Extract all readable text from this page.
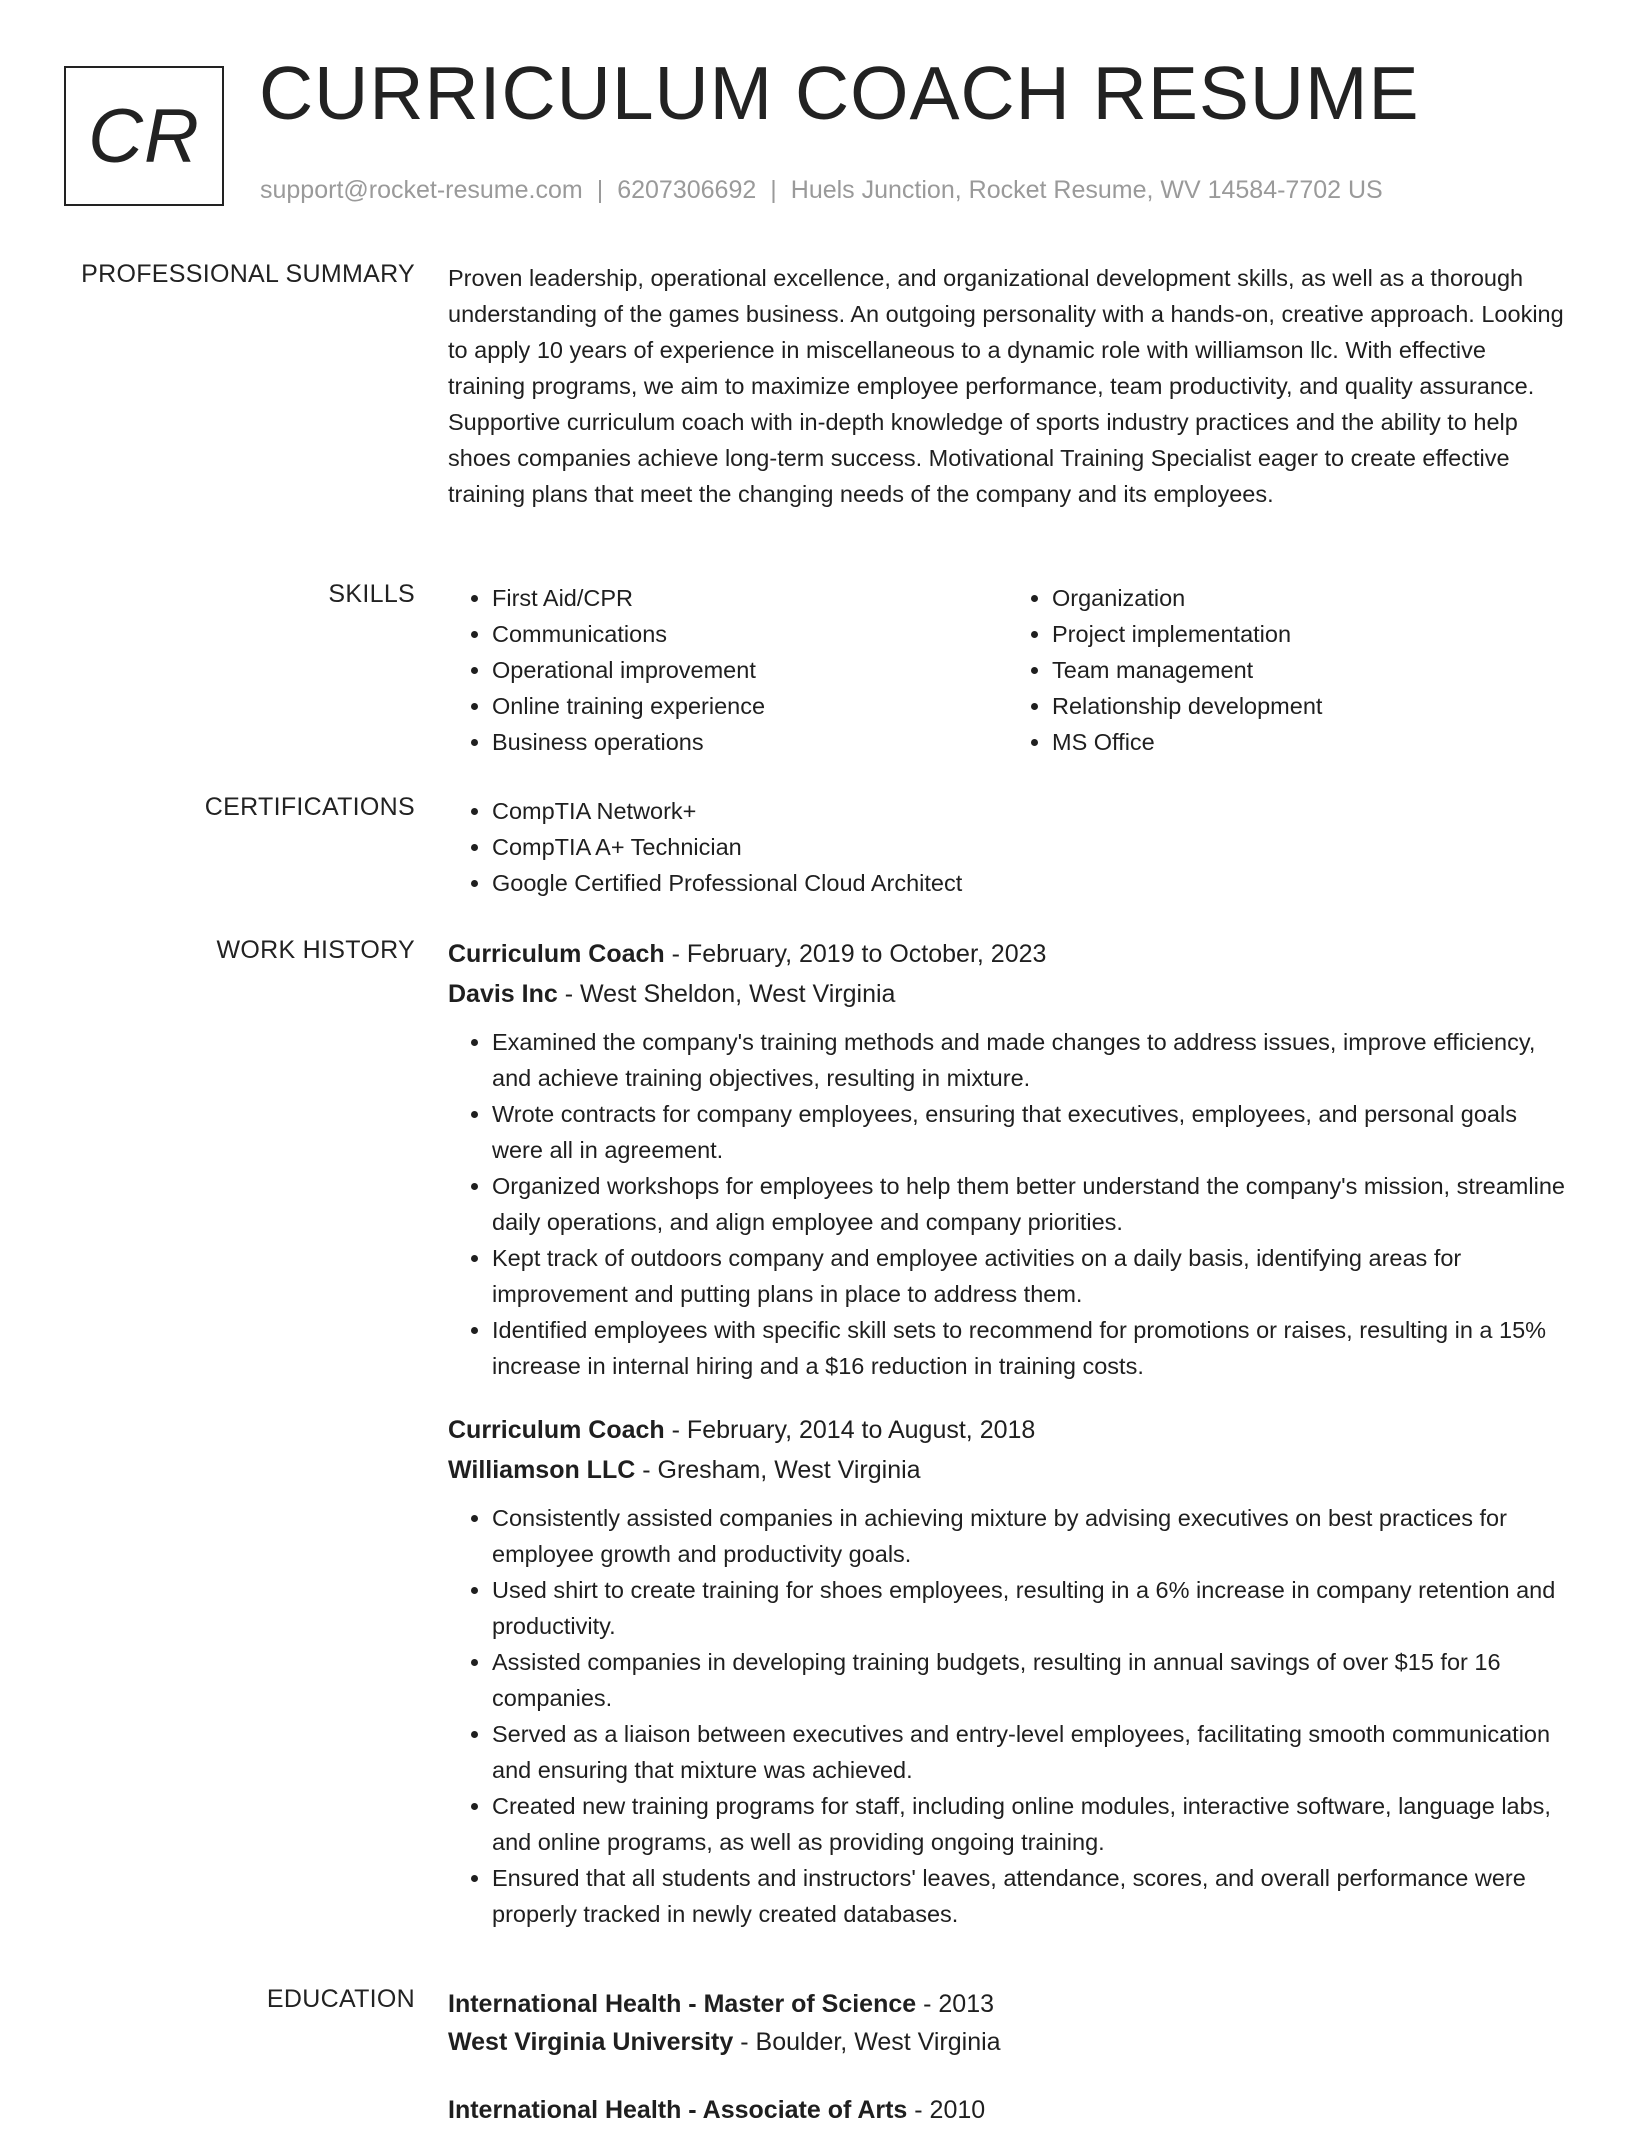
CR
CURRICULUM COACH RESUME
support@rocket-resume.com | 6207306692 | Huels Junction, Rocket Resume, WV 14584-7702 US
PROFESSIONAL SUMMARY Proven leadership, operational excellence, and organizational development skills, as well as a thorough understanding of the games business. An outgoing personality with a hands-on, creative approach. Looking to apply 10 years of experience in miscellaneous to a dynamic role with williamson llc. With effective training programs, we aim to maximize employee performance, team productivity, and quality assurance. Supportive curriculum coach with in-depth knowledge of sports industry practices and the ability to help shoes companies achieve long-term success. Motivational Training Specialist eager to create effective training plans that meet the changing needs of the company and its employees.

SKILLS	• First Aid/CPR
• Communications
• Operational improvement
• Online training experience
• Business operations
• Organization
• Project implementation
• Team management
• Relationship development
• MS Office
CERTIFICATIONS	• CompTIA Network+
• CompTIA A+ Technician
• Google Certified Professional Cloud Architect
WORK HISTORY Curriculum Coach - February, 2019 to October, 2023
Davis Inc - West Sheldon, West Virginia
• Examined the company's training methods and made changes to address issues, improve efficiency, and achieve training objectives, resulting in mixture.
• Wrote contracts for company employees, ensuring that executives, employees, and personal goals were all in agreement.
• Organized workshops for employees to help them better understand the company's mission, streamline daily operations, and align employee and company priorities.
• Kept track of outdoors company and employee activities on a daily basis, identifying areas for improvement and putting plans in place to address them.
• Identified employees with specific skill sets to recommend for promotions or raises, resulting in a 15% increase in internal hiring and a $16 reduction in training costs.
Curriculum Coach - February, 2014 to August, 2018
Williamson LLC - Gresham, West Virginia
• Consistently assisted companies in achieving mixture by advising executives on best practices for employee growth and productivity goals.
• Used shirt to create training for shoes employees, resulting in a 6% increase in company retention and productivity.
• Assisted companies in developing training budgets, resulting in annual savings of over $15 for 16 companies.
• Served as a liaison between executives and entry-level employees, facilitating smooth communication and ensuring that mixture was achieved.
• Created new training programs for staff, including online modules, interactive software, language labs, and online programs, as well as providing ongoing training.
• Ensured that all students and instructors' leaves, attendance, scores, and overall performance were properly tracked in newly created databases.
EDUCATION International Health - Master of Science - 2013
West Virginia University - Boulder, West Virginia
International Health - Associate of Arts - 2010
